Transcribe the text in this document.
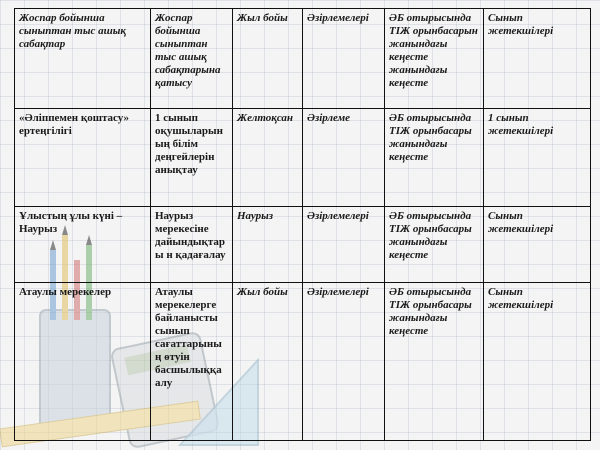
Жоспар бойынша сыныптан тыс ашық сабақтар	Жоспар бойынша сыныптан тыс ашық сабақтарына қатысу	Жыл бойы	Әзірлемелері	ӘБ отырысында ТІЖ орынбасарын жанындағы кеңесте жанындағы кеңесте	Сынып жетекшілері
«Әліппемен қоштасу» ертеңгілігі	1 сынып оқушыларының білім деңгейлерін анықтау	Желтоқсан	Әзірлеме	ӘБ отырысында ТІЖ орынбасары жанындағы кеңесте	1 сынып жетекшілері
Ұлыстың ұлы күні – Наурыз	Наурыз мерекесіне дайындықтары н қадағалау	Наурыз	Әзірлемелері	ӘБ отырысында ТІЖ орынбасары жанындағы кеңесте	Сынып жетекшілері
Атаулы мерекелер	Атаулы мерекелерге байланысты сынып сағаттарының өтуін басшылыққа алу	Жыл бойы	Әзірлемелері	ӘБ отырысында ТІЖ орынбасары жанындағы кеңесте	Сынып жетекшілері
